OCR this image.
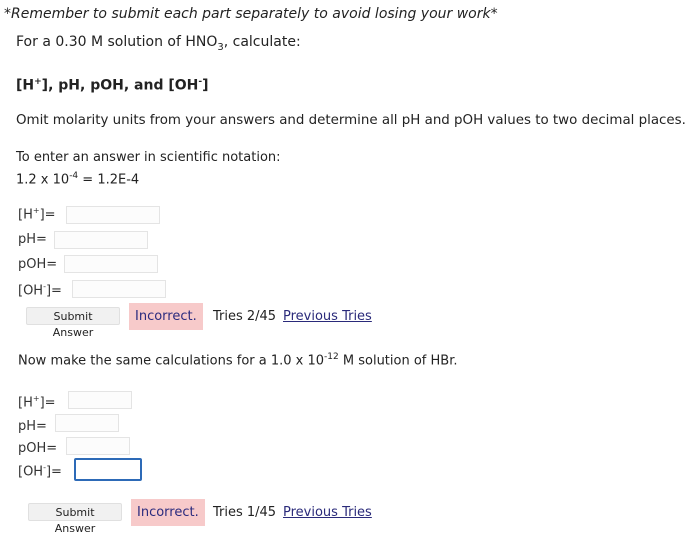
*Remember to submit each part separately to avoid losing your work*
For a 0.30 M solution of $HNO_3$, calculate:
[H+], pH, pOH, and [OH-]
Omit molarity units from your answers and determine all pH and pOH values to two decimal places.
To enter an answer in scientific notation:
1.2 x $10^{-4} = 1.2E-4$
[H+]=
pH=
pOH=
[OH-]=
Submit Answer
Incorrect.	Tries 2/45 Previous Tries
Now make the same calculations for a 1.0 x $10^{-12}$ M solution of HBr.
[H+]=
pH=
pOH=
[OH-]=
Submit Answer
Incorrect.	Tries 1/45 Previous Tries
